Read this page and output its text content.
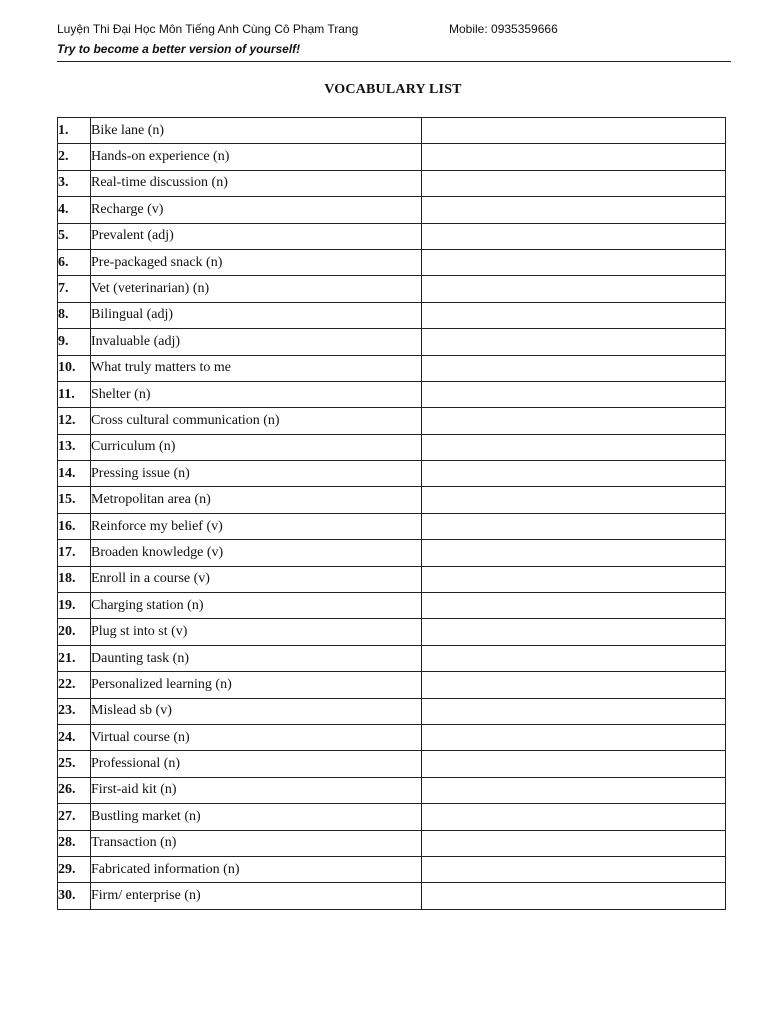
Luyện Thi Đại Học Môn Tiếng Anh Cùng Cô Phạm Trang	Mobile: 0935359666
Try to become a better version of yourself!
VOCABULARY LIST
1.	Bike lane (n)	
2.	Hands-on experience (n)	
3.	Real-time discussion (n)	
4.	Recharge (v)	
5.	Prevalent (adj)	
6.	Pre-packaged snack (n)	
7.	Vet (veterinarian) (n)	
8.	Bilingual (adj)	
9.	Invaluable (adj)	
10.	What truly matters to me	
11.	Shelter (n)	
12.	Cross cultural communication (n)	
13.	Curriculum (n)	
14.	Pressing issue (n)	
15.	Metropolitan area (n)	
16.	Reinforce my belief (v)	
17.	Broaden knowledge (v)	
18.	Enroll in a course (v)	
19.	Charging station (n)	
20.	Plug st into st (v)	
21.	Daunting task (n)	
22.	Personalized learning (n)	
23.	Mislead sb (v)	
24.	Virtual course (n)	
25.	Professional (n)	
26.	First-aid kit (n)	
27.	Bustling market (n)	
28.	Transaction (n)	
29.	Fabricated information (n)	
30.	Firm/ enterprise (n)	
